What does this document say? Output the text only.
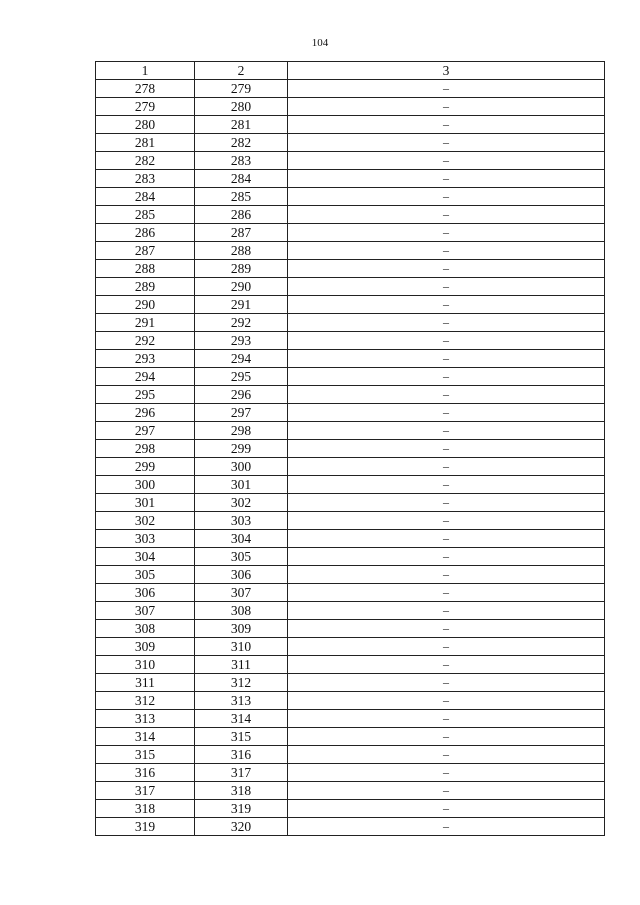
104
1	2	3
278	279	–
279	280	–
280	281	–
281	282	–
282	283	–
283	284	–
284	285	–
285	286	–
286	287	–
287	288	–
288	289	–
289	290	–
290	291	–
291	292	–
292	293	–
293	294	–
294	295	–
295	296	–
296	297	–
297	298	–
298	299	–
299	300	–
300	301	–
301	302	–
302	303	–
303	304	–
304	305	–
305	306	–
306	307	–
307	308	–
308	309	–
309	310	–
310	311	–
311	312	–
312	313	–
313	314	–
314	315	–
315	316	–
316	317	–
317	318	–
318	319	–
319	320	–
